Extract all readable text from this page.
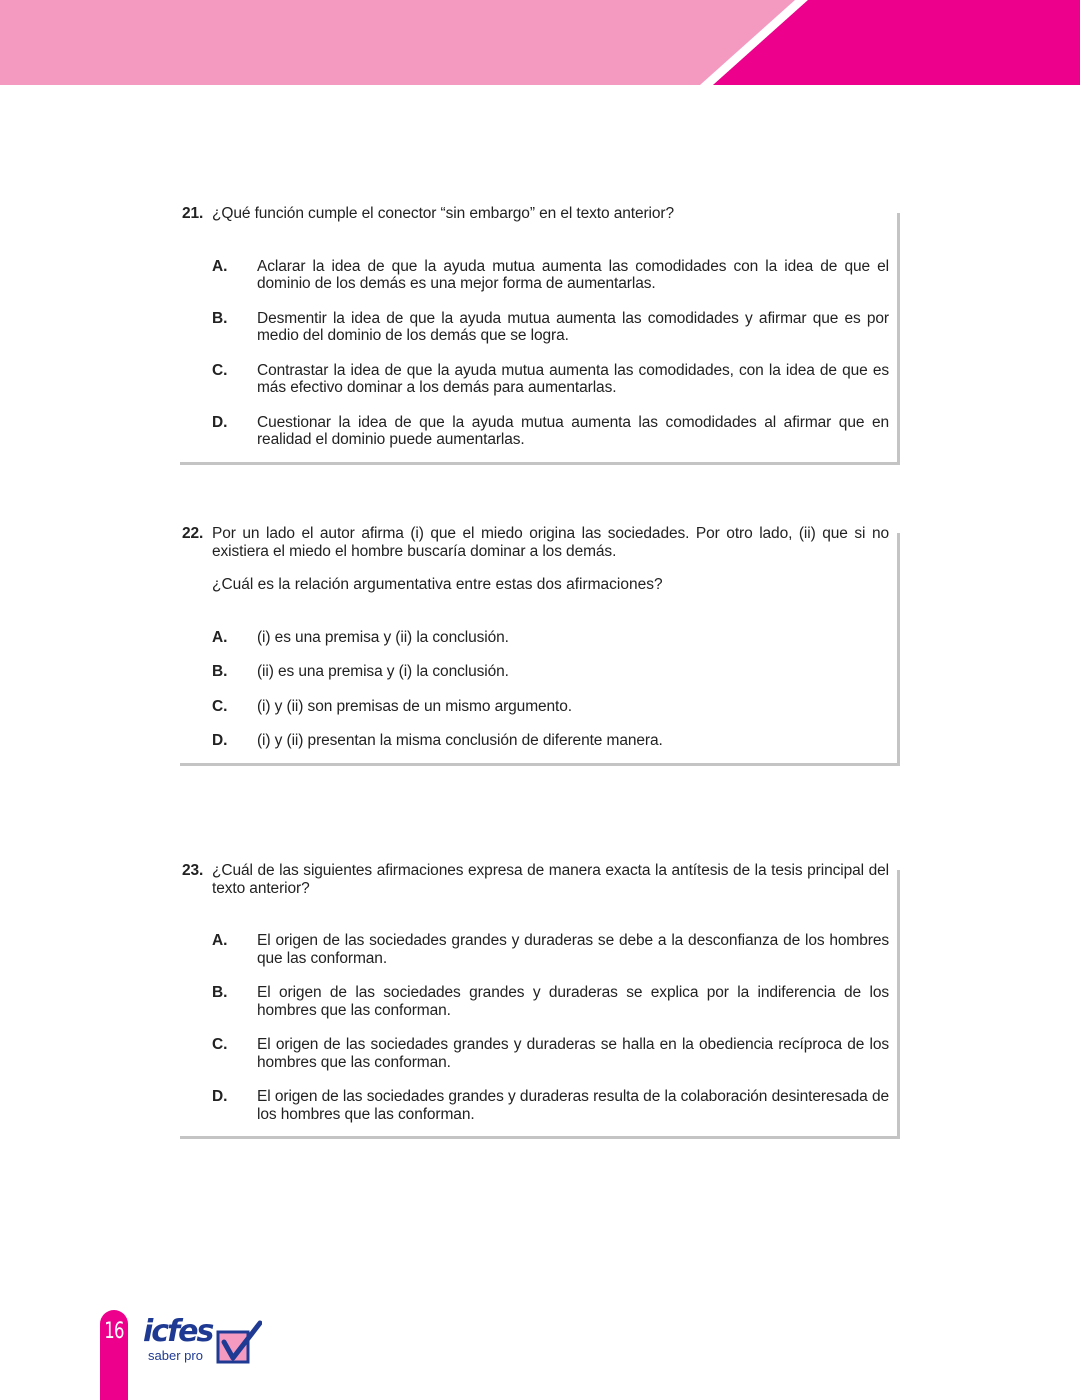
21. ¿Qué función cumple el conector “sin embargo” en el texto anterior?
A. Aclarar la idea de que la ayuda mutua aumenta las comodidades con la idea de que el dominio de los demás es una mejor forma de aumentarlas.
B. Desmentir la idea de que la ayuda mutua aumenta las comodidades y afirmar que es por medio del dominio de los demás que se logra.
C. Contrastar la idea de que la ayuda mutua aumenta las comodidades, con la idea de que es más efectivo dominar a los demás para aumentarlas.
D. Cuestionar la idea de que la ayuda mutua aumenta las comodidades al afirmar que en realidad el dominio puede aumentarlas.
22. Por un lado el autor afirma (i) que el miedo origina las sociedades. Por otro lado, (ii) que si no existiera el miedo el hombre buscaría dominar a los demás.
¿Cuál es la relación argumentativa entre estas dos afirmaciones?
A. (i) es una premisa y (ii) la conclusión.
B. (ii) es una premisa y (i) la conclusión.
C. (i) y (ii) son premisas de un mismo argumento.
D. (i) y (ii) presentan la misma conclusión de diferente manera.
23. ¿Cuál de las siguientes afirmaciones expresa de manera exacta la antítesis de la tesis principal del texto anterior?
A. El origen de las sociedades grandes y duraderas se debe a la desconfianza de los hombres que las conforman.
B. El origen de las sociedades grandes y duraderas se explica por la indiferencia de los hombres que las conforman.
C. El origen de las sociedades grandes y duraderas se halla en la obediencia recíproca de los hombres que las conforman.
D. El origen de las sociedades grandes y duraderas resulta de la colaboración desinteresada de los hombres que las conforman.
16 icfes
saber pro
